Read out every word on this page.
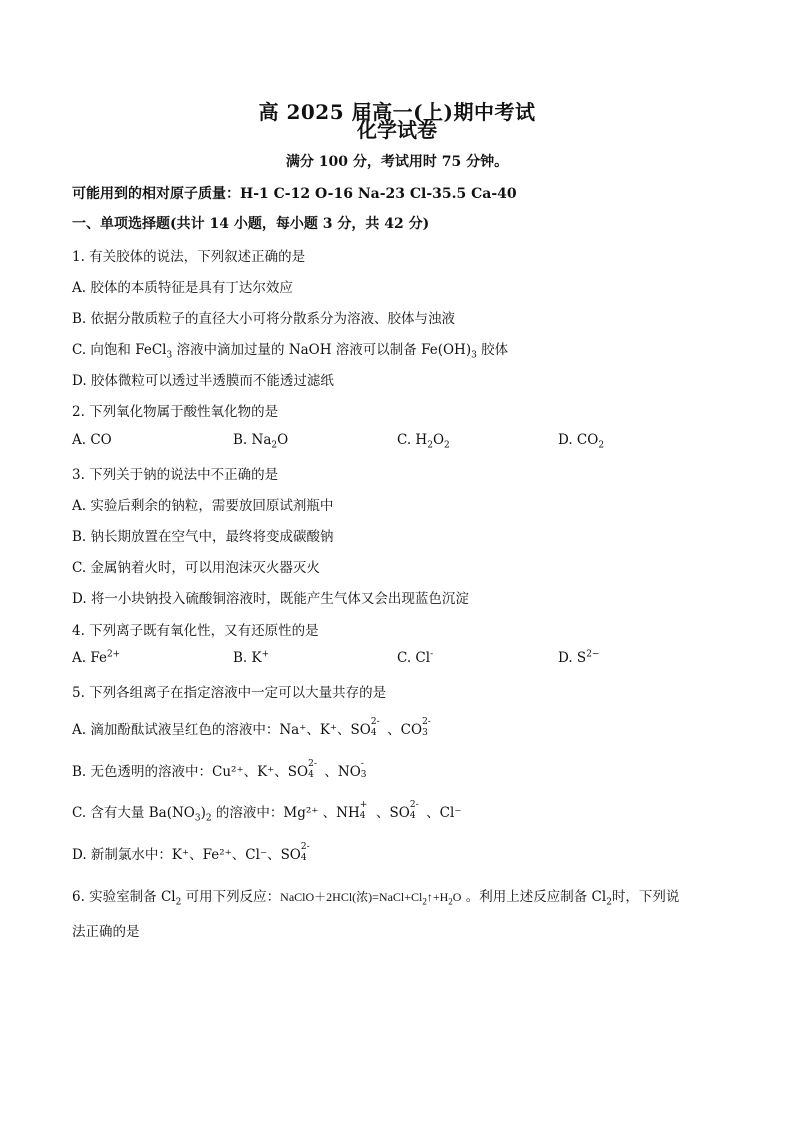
高 2025 届高一(上)期中考试
化学试卷
满分 100 分，考试用时 75 分钟。
可能用到的相对原子质量：H-1 C-12 O-16 Na-23 Cl-35.5 Ca-40
一、单项选择题(共计 14 小题，每小题 3 分，共 42 分)
1. 有关胶体的说法，下列叙述正确的是
A. 胶体的本质特征是具有丁达尔效应
B. 依据分散质粒子的直径大小可将分散系分为溶液、胶体与浊液
C. 向饱和 FeCl$_3$ 溶液中滴加过量的 NaOH 溶液可以制备 $Fe(OH)_3$ 胶体
D. 胶体微粒可以透过半透膜而不能透过滤纸
2. 下列氧化物属于酸性氧化物的是
A. CO	B. $Na_2O$	C. $H_2O_2$	D. $CO_2$
3. 下列关于钠的说法中不正确的是
A. 实验后剩余的钠粒，需要放回原试剂瓶中
B. 钠长期放置在空气中，最终将变成碳酸钠
C. 金属钠着火时，可以用泡沫灭火器灭火
D. 将一小块钠投入硫酸铜溶液时，既能产生气体又会出现蓝色沉淀
4. 下列离子既有氧化性，又有还原性的是
A. $Fe^{2+}$	B. K+	C. Cl-	D. $S^{2-}$
5. 下列各组离子在指定溶液中一定可以大量共存的是
A. 滴加酚酞试液呈红色的溶液中：Na⁺、K⁺、SO 2-
4 、CO 2-
3
B. 无色透明的溶液中：Cu²⁺、K⁺、SO 2-
4 、NO -
3
C. 含有大量 $Ba(NO_3)_2$ 的溶液中：Mg²⁺ 、NH +
4 、SO 2-
4 、Cl⁻
D. 新制氯水中：K⁺、Fe²⁺、Cl⁻、SO 2-
4
6. 实验室制备 $Cl_2$ 可用下列反应：NaClO＋2HCl(浓)$=NaCl+Cl_2↑+H_2O$ 。利用上述反应制备 $Cl_2$时，下列说
法正确的是
